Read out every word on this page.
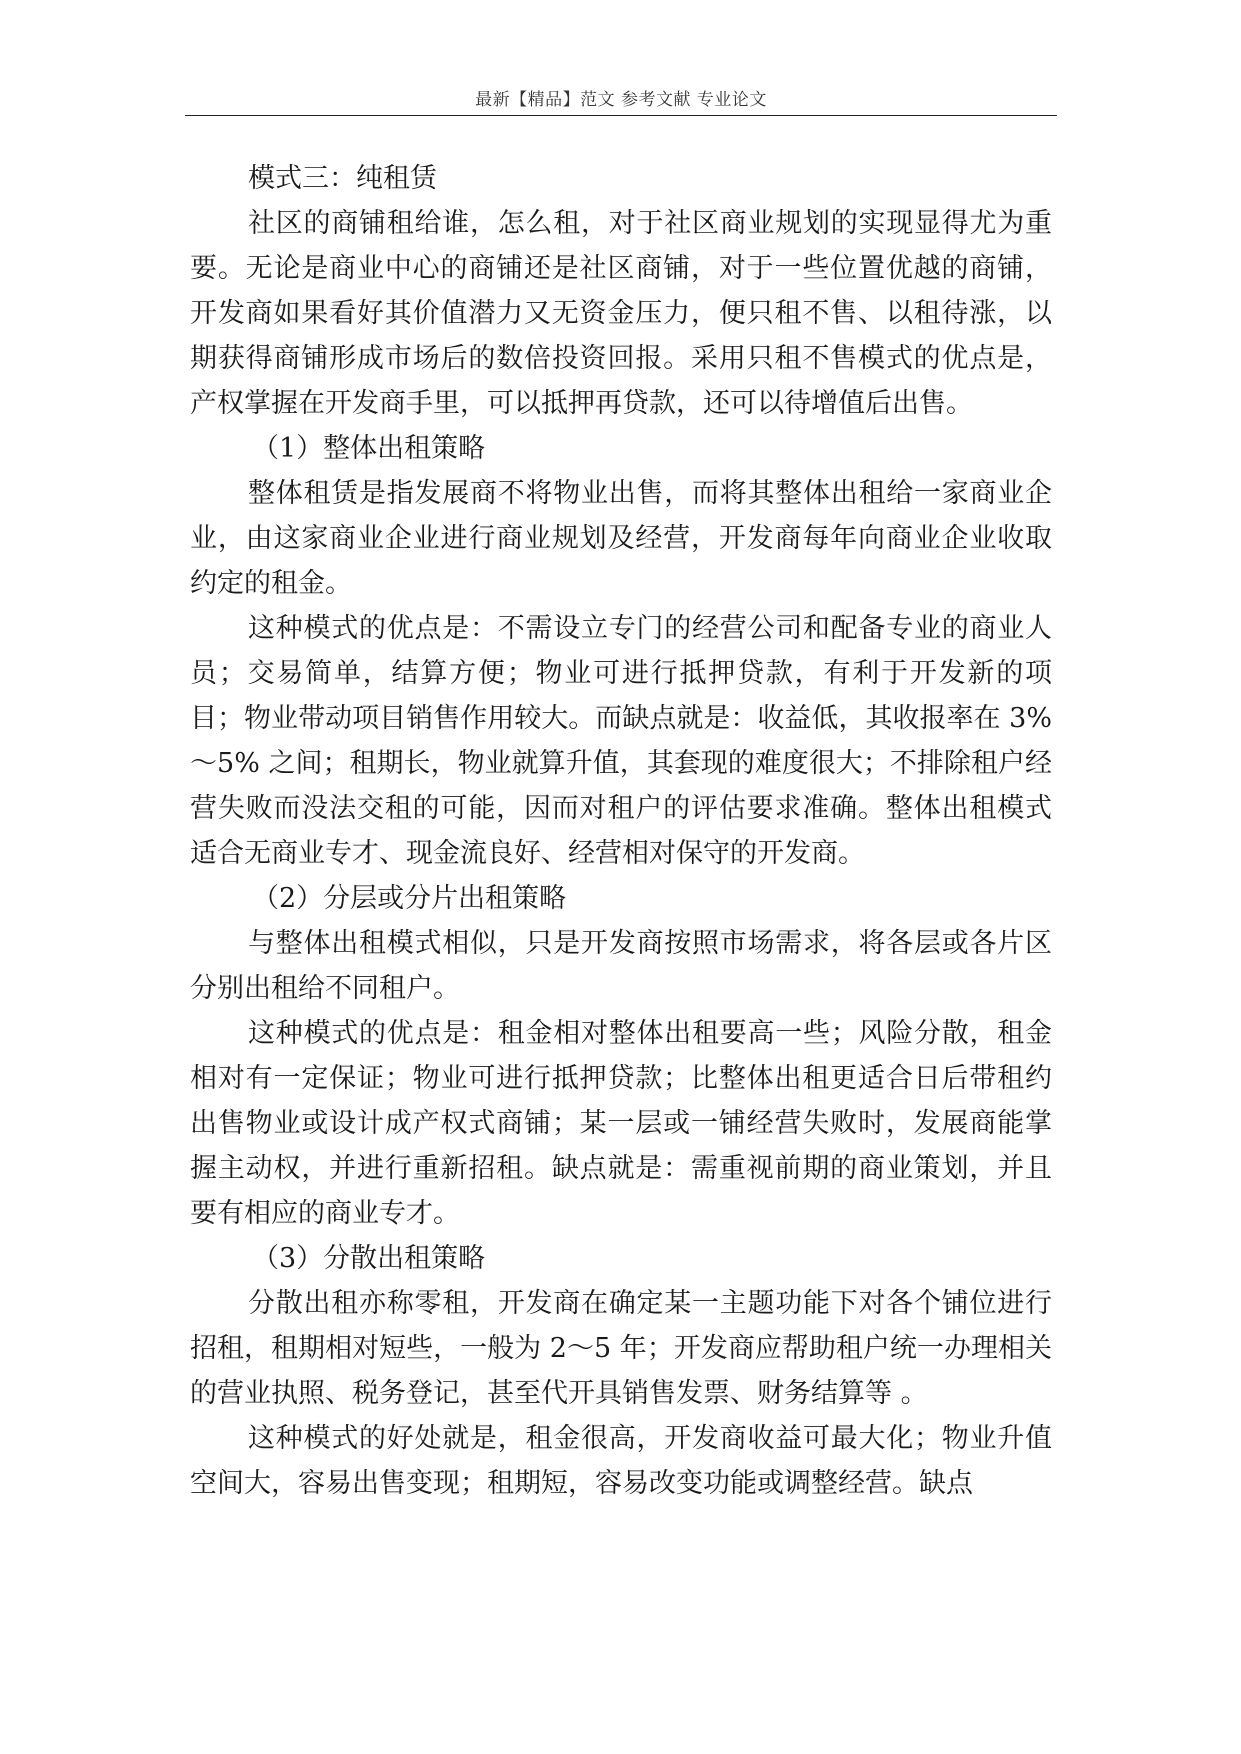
最新【精品】范文 参考文献 专业论文

模式三：纯租赁

社区的商铺租给谁，怎么租，对于社区商业规划的实现显得尤为重要。无论是商业中心的商铺还是社区商铺，对于一些位置优越的商铺，开发商如果看好其价值潜力又无资金压力，便只租不售、以租待涨，以期获得商铺形成市场后的数倍投资回报。采用只租不售模式的优点是，产权掌握在开发商手里，可以抵押再贷款，还可以待增值后出售。

（1）整体出租策略

整体租赁是指发展商不将物业出售，而将其整体出租给一家商业企业，由这家商业企业进行商业规划及经营，开发商每年向商业企业收取约定的租金。

这种模式的优点是：不需设立专门的经营公司和配备专业的商业人员；交易简单，结算方便；物业可进行抵押贷款，有利于开发新的项目；物业带动项目销售作用较大。而缺点就是：收益低，其收报率在 3%～5% 之间；租期长，物业就算升值，其套现的难度很大；不排除租户经营失败而没法交租的可能，因而对租户的评估要求准确。整体出租模式适合无商业专才、现金流良好、经营相对保守的开发商。

（2）分层或分片出租策略

与整体出租模式相似，只是开发商按照市场需求，将各层或各片区分别出租给不同租户。

这种模式的优点是：租金相对整体出租要高一些；风险分散，租金相对有一定保证；物业可进行抵押贷款；比整体出租更适合日后带租约出售物业或设计成产权式商铺；某一层或一铺经营失败时，发展商能掌握主动权，并进行重新招租。缺点就是：需重视前期的商业策划，并且要有相应的商业专才。

（3）分散出租策略

分散出租亦称零租，开发商在确定某一主题功能下对各个铺位进行招租，租期相对短些，一般为 2～5 年；开发商应帮助租户统一办理相关的营业执照、税务登记，甚至代开具销售发票、财务结算等 。

这种模式的好处就是，租金很高，开发商收益可最大化；物业升值空间大，容易出售变现；租期短，容易改变功能或调整经营。缺点
